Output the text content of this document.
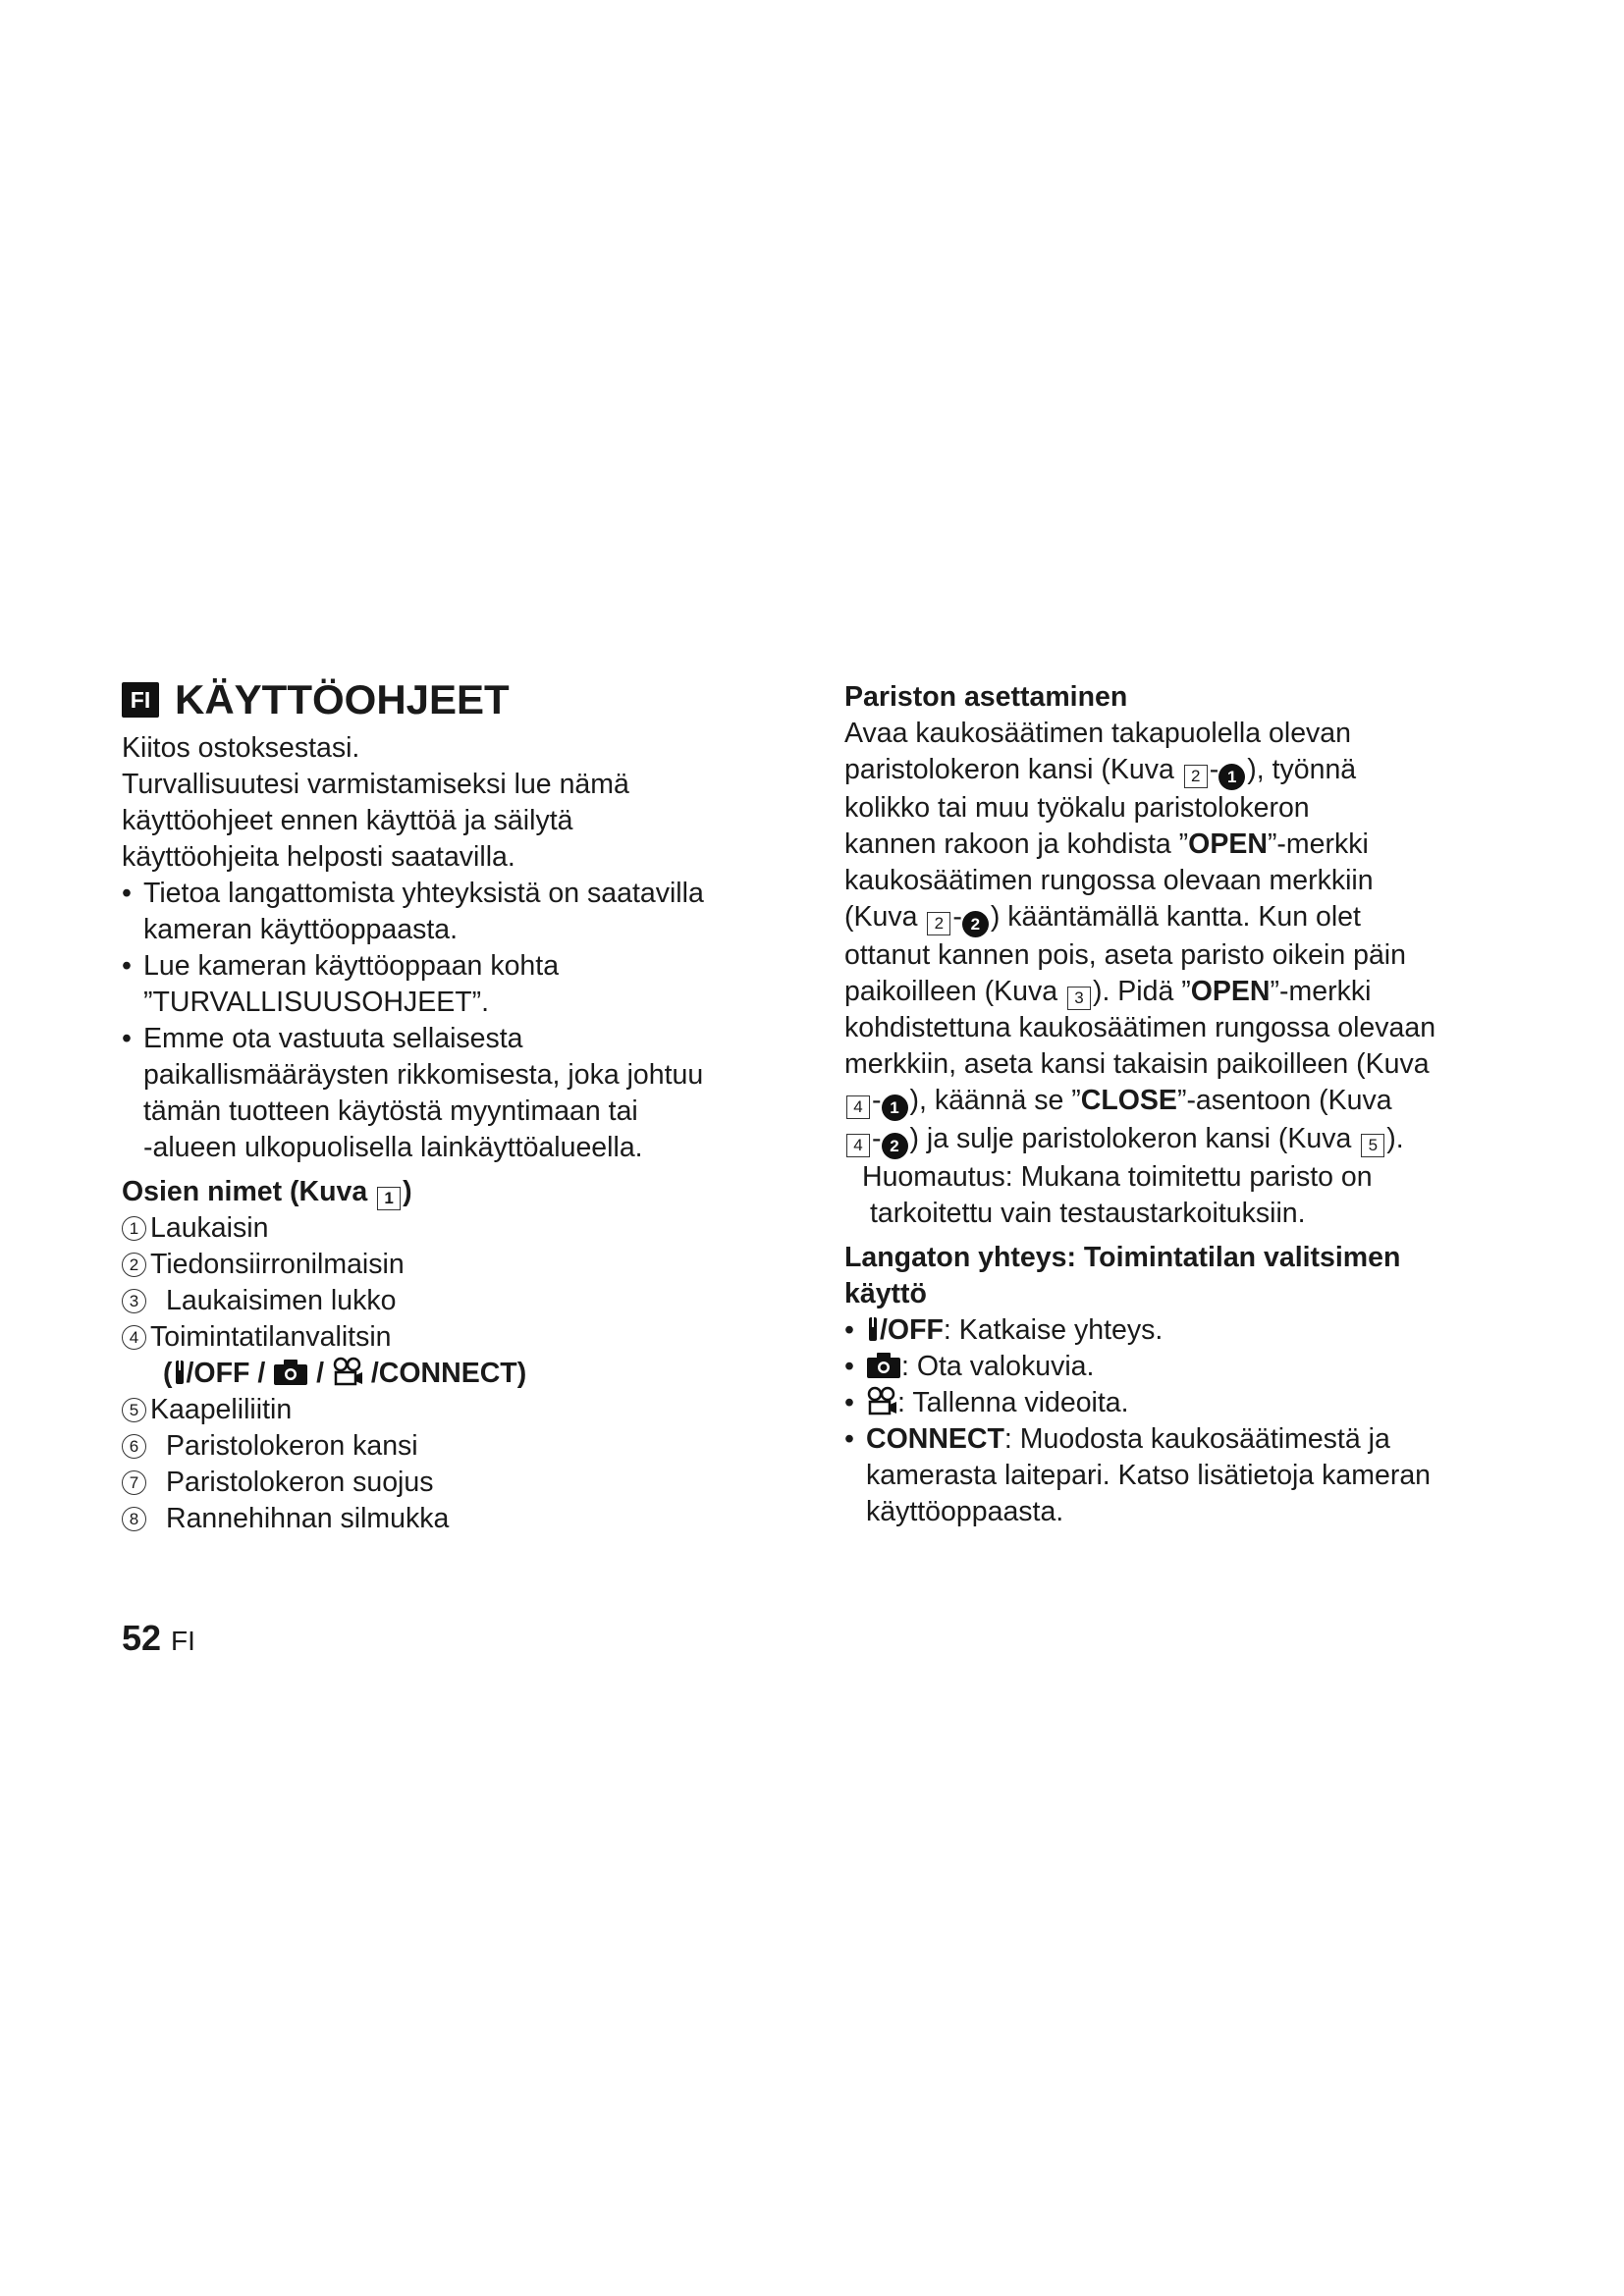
FI KÄYTTÖOHJEET

Kiitos ostoksestasi.

Turvallisuutesi varmistamiseksi lue nämä

käyttöohjeet ennen käyttöä ja säilytä

käyttöohjeita helposti saatavilla.

• Tietoa langattomista yhteyksistä on saatavilla

kameran käyttöoppaasta.

• Lue kameran käyttöoppaan kohta

”TURVALLISUUSOHJEET”.

• Emme ota vastuuta sellaisesta

paikallismääräysten rikkomisesta, joka johtuu

tämän tuotteen käytöstä myyntimaan tai

-alueen ulkopuolisella lainkäyttöalueella.

Osien nimet (Kuva 1 )

1 Laukaisin
2 Tiedonsiirronilmaisin
3 Laukaisimen lukko
4 Toimintatilanvalitsin
( /OFF / / /CONNECT)
5 Kaapeliliitin
6 Paristolokeron kansi
7 Paristolokeron suojus
8 Rannehihnan silmukka

Pariston asettaminen

Avaa kaukosäätimen takapuolella olevan

paristolokeron kansi (Kuva 2 - 1 ), työnnä

kolikko tai muu työkalu paristolokeron

kannen rakoon ja kohdista ”OPEN”-merkki

kaukosäätimen rungossa olevaan merkkiin

(Kuva 2 - 2 ) kääntämällä kantta. Kun olet

ottanut kannen pois, aseta paristo oikein päin

paikoilleen (Kuva 3 ). Pidä ”OPEN”-merkki

kohdistettuna kaukosäätimen rungossa olevaan

merkkiin, aseta kansi takaisin paikoilleen (Kuva

4 - 1 ), käännä se ”CLOSE”-asentoon (Kuva

4 - 2 ) ja sulje paristolokeron kansi (Kuva 5 ).

Huomautus: Mukana toimitettu paristo on

tarkoitettu vain testaustarkoituksiin.

Langaton yhteys: Toimintatilan valitsimen

käyttö

• /OFF: Katkaise yhteys.
•	: Ota valokuvia.
•	: Tallenna videoita.
• CONNECT: Muodosta kaukosäätimestä ja

kamerasta laitepari. Katso lisätietoja kameran

käyttöoppaasta.

52 FI
